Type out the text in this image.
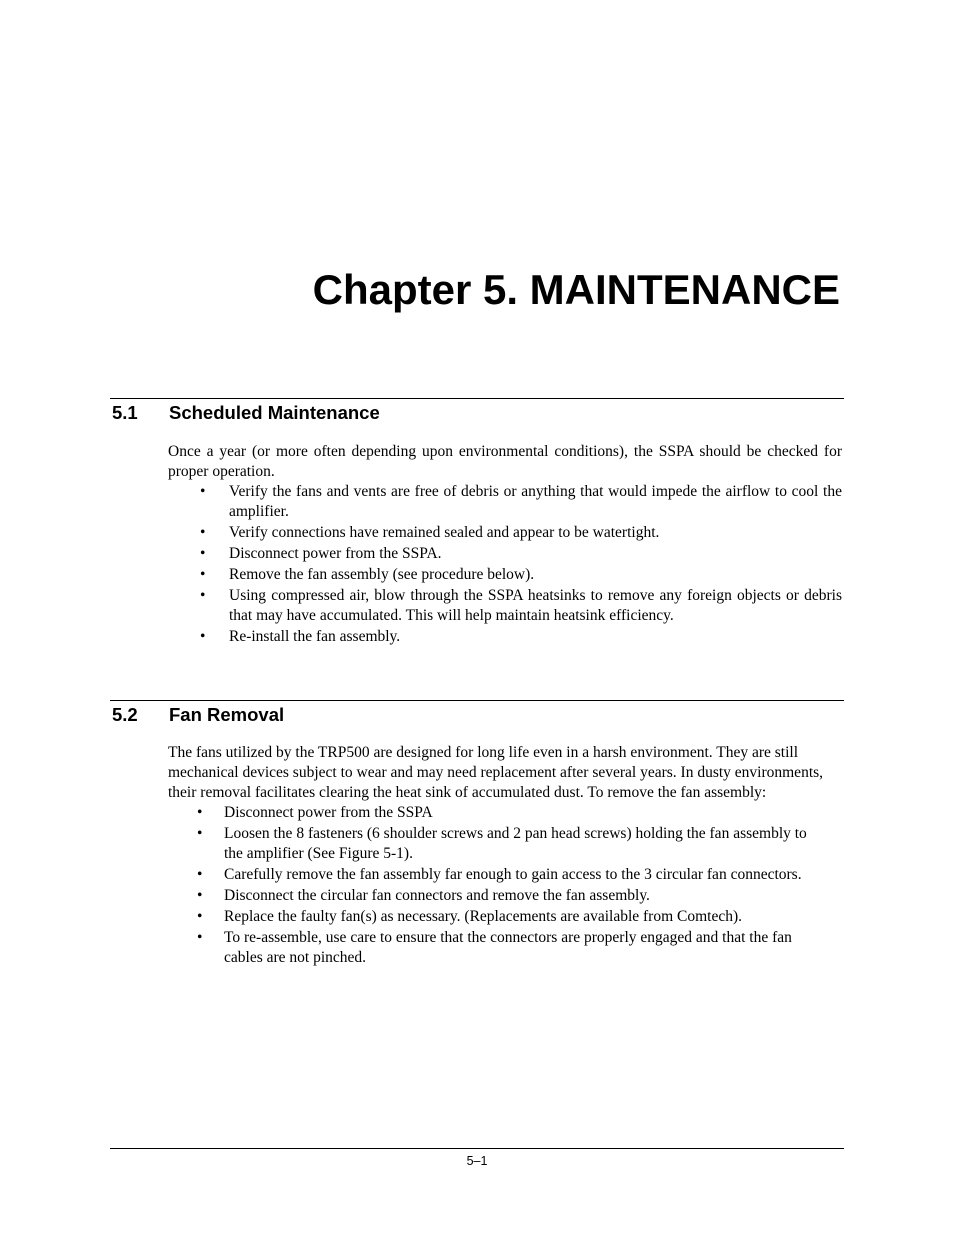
Chapter 5. MAINTENANCE
5.1 Scheduled Maintenance

Once a year (or more often depending upon environmental conditions), the SSPA should be checked for proper operation.

• Verify the fans and vents are free of debris or anything that would impede the airflow to cool the amplifier.
• Verify connections have remained sealed and appear to be watertight.
• Disconnect power from the SSPA.
• Remove the fan assembly (see procedure below).
• Using compressed air, blow through the SSPA heatsinks to remove any foreign objects or debris that may have accumulated. This will help maintain heatsink efficiency.
• Re-install the fan assembly.
5.2 Fan Removal

The fans utilized by the TRP500 are designed for long life even in a harsh environment. They are still mechanical devices subject to wear and may need replacement after several years. In dusty environments, their removal facilitates clearing the heat sink of accumulated dust. To remove the fan assembly:

• Disconnect power from the SSPA
• Loosen the 8 fasteners (6 shoulder screws and 2 pan head screws) holding the fan assembly to the amplifier (See Figure 5-1).
• Carefully remove the fan assembly far enough to gain access to the 3 circular fan connectors.
• Disconnect the circular fan connectors and remove the fan assembly.
• Replace the faulty fan(s) as necessary. (Replacements are available from Comtech).
• To re-assemble, use care to ensure that the connectors are properly engaged and that the fan cables are not pinched.
5–1
